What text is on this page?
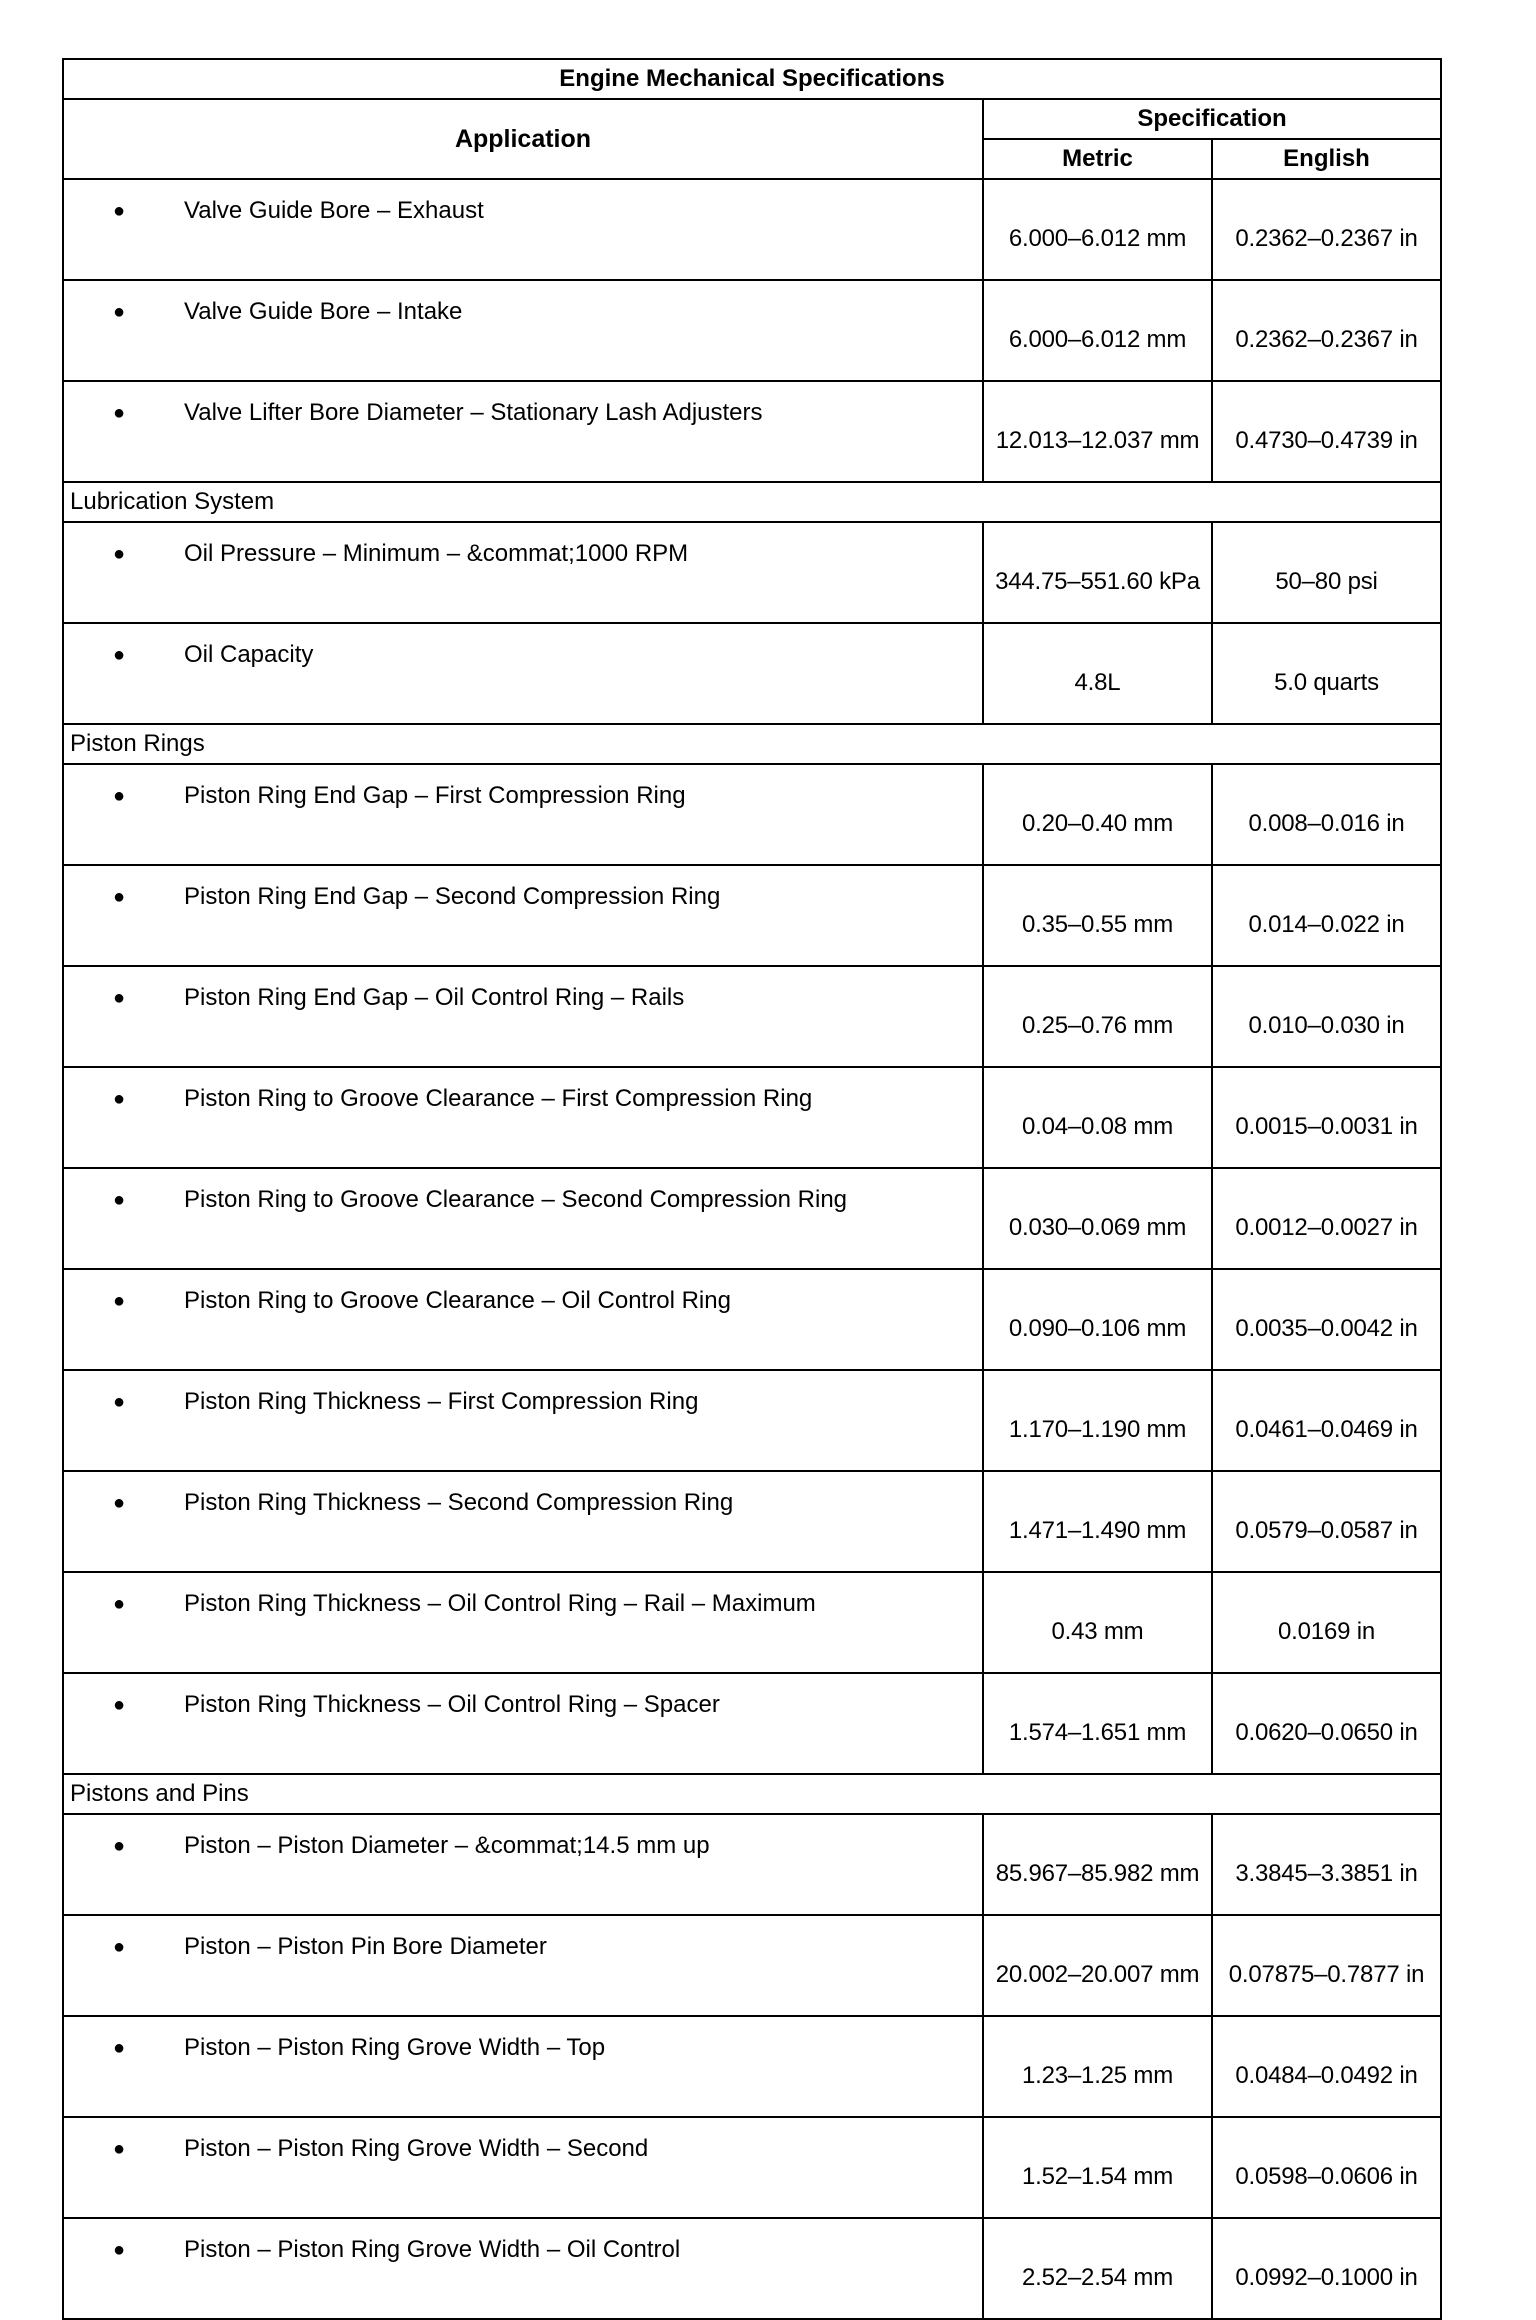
Engine Mechanical Specifications		
Application	Specification	
	Metric	English

● Valve Guide Bore – Exhaust	6.000–6.012 mm	0.2362–0.2367 in

● Valve Guide Bore – Intake	6.000–6.012 mm	0.2362–0.2367 in

● Valve Lifter Bore Diameter – Stationary Lash Adjusters	12.013–12.037 mm	0.4730–0.4739 in
Lubrication System		

● Oil Pressure – Minimum – &commat;1000 RPM	344.75–551.60 kPa	50–80 psi

● Oil Capacity	4.8L	5.0 quarts
Piston Rings		

● Piston Ring End Gap – First Compression Ring	0.20–0.40 mm	0.008–0.016 in

● Piston Ring End Gap – Second Compression Ring	0.35–0.55 mm	0.014–0.022 in

● Piston Ring End Gap – Oil Control Ring – Rails	0.25–0.76 mm	0.010–0.030 in

● Piston Ring to Groove Clearance – First Compression Ring	0.04–0.08 mm	0.0015–0.0031 in

● Piston Ring to Groove Clearance – Second Compression Ring	0.030–0.069 mm	0.0012–0.0027 in

● Piston Ring to Groove Clearance – Oil Control Ring	0.090–0.106 mm	0.0035–0.0042 in

● Piston Ring Thickness – First Compression Ring	1.170–1.190 mm	0.0461–0.0469 in

● Piston Ring Thickness – Second Compression Ring	1.471–1.490 mm	0.0579–0.0587 in

● Piston Ring Thickness – Oil Control Ring – Rail – Maximum	0.43 mm	0.0169 in

● Piston Ring Thickness – Oil Control Ring – Spacer	1.574–1.651 mm	0.0620–0.0650 in
Pistons and Pins		

● Piston – Piston Diameter – &commat;14.5 mm up	85.967–85.982 mm	3.3845–3.3851 in

● Piston – Piston Pin Bore Diameter	20.002–20.007 mm	0.07875–0.7877 in

● Piston – Piston Ring Grove Width – Top	1.23–1.25 mm	0.0484–0.0492 in

● Piston – Piston Ring Grove Width – Second	1.52–1.54 mm	0.0598–0.0606 in

● Piston – Piston Ring Grove Width – Oil Control	2.52–2.54 mm	0.0992–0.1000 in
